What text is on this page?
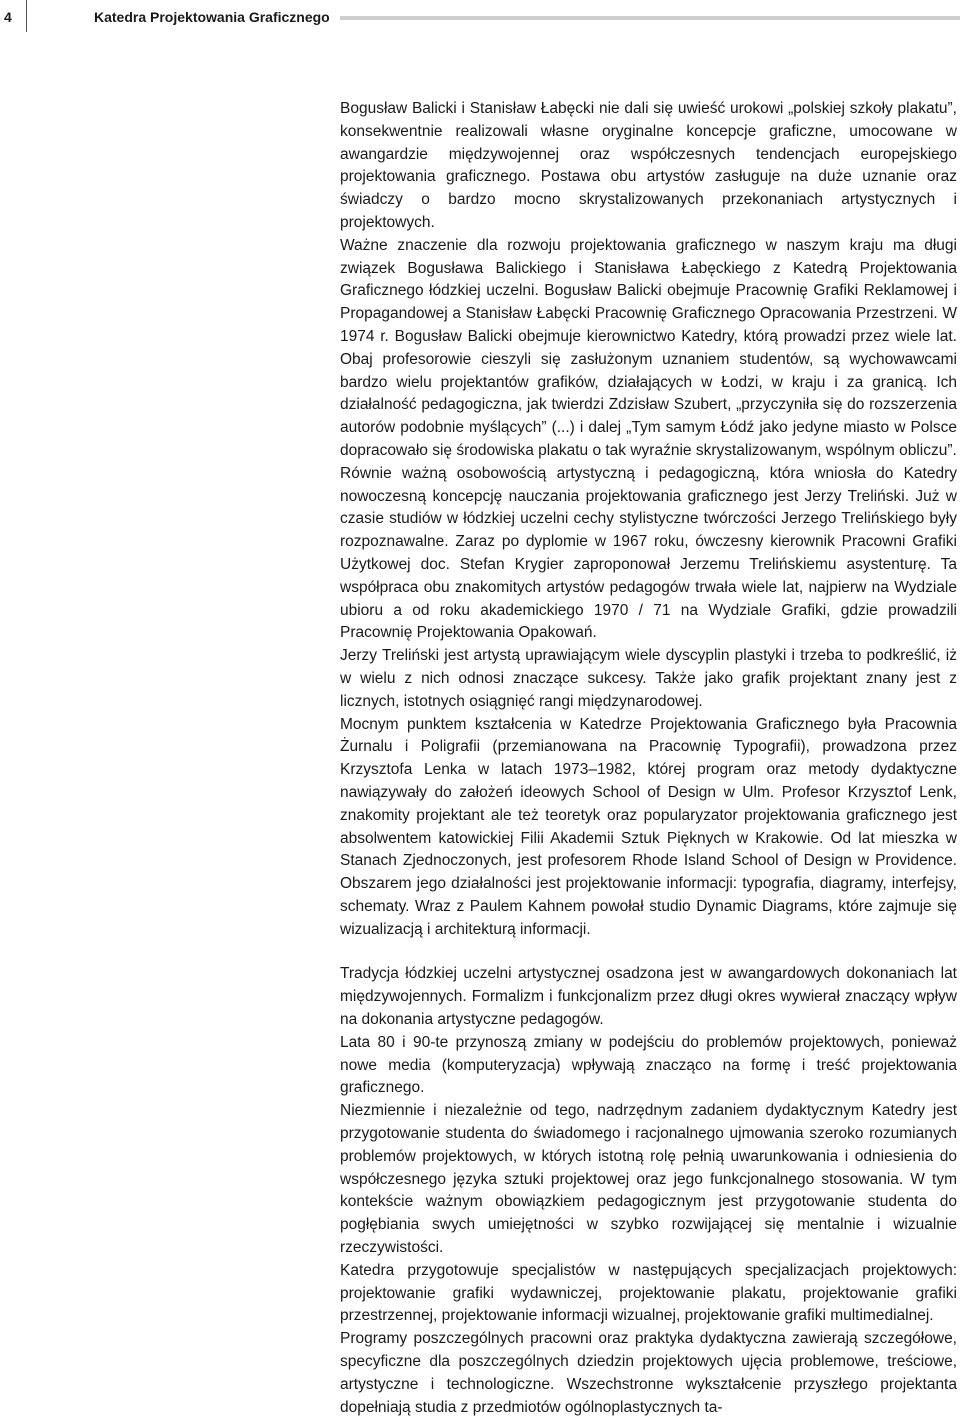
4	Katedra Projektowania Graficznego

Bogusław Balicki i Stanisław Łabęcki nie dali się uwieść urokowi „polskiej szkoły plakatu”, konsekwentnie realizowali własne oryginalne koncepcje graficzne, umocowane w awangardzie międzywojennej oraz współczesnych tendencjach europejskiego projektowania graficznego. Postawa obu artystów zasługuje na duże uznanie oraz świadczy o bardzo mocno skrystalizowanych przekonaniach artystycznych i projektowych.

Ważne znaczenie dla rozwoju projektowania graficznego w naszym kraju ma długi związek Bogusława Balickiego i Stanisława Łabęckiego z Katedrą Projektowania Graficznego łódzkiej uczelni. Bogusław Balicki obejmuje Pracownię Grafiki Reklamowej i Propagandowej a Stanisław Łabęcki Pracownię Graficznego Opracowania Przestrzeni. W 1974 r. Bogusław Balicki obejmuje kierownictwo Katedry, którą prowadzi przez wiele lat. Obaj profesorowie cieszyli się zasłużonym uznaniem studentów, są wychowawcami bardzo wielu projektantów grafików, działających w Łodzi, w kraju i za granicą. Ich działalność pedagogiczna, jak twierdzi Zdzisław Szubert, „przyczyniła się do rozszerzenia autorów podobnie myślących” (...) i dalej „Tym samym Łódź jako jedyne miasto w Polsce dopracowało się środowiska plakatu o tak wyraźnie skrystalizowanym, wspólnym obliczu”.

Równie ważną osobowością artystyczną i pedagogiczną, która wniosła do Katedry nowoczesną koncepcję nauczania projektowania graficznego jest Jerzy Treliński. Już w czasie studiów w łódzkiej uczelni cechy stylistyczne twórczości Jerzego Trelińskiego były rozpoznawalne. Zaraz po dyplomie w 1967 roku, ówczesny kierownik Pracowni Grafiki Użytkowej doc. Stefan Krygier zaproponował Jerzemu Trelińskiemu asystenturę. Ta współpraca obu znakomitych artystów pedagogów trwała wiele lat, najpierw na Wydziale ubioru a od roku akademickiego 1970 / 71 na Wydziale Grafiki, gdzie prowadzili Pracownię Projektowania Opakowań.

Jerzy Treliński jest artystą uprawiającym wiele dyscyplin plastyki i trzeba to podkreślić, iż w wielu z nich odnosi znaczące sukcesy. Także jako grafik projektant znany jest z licznych, istotnych osiągnięć rangi międzynarodowej.

Mocnym punktem kształcenia w Katedrze Projektowania Graficznego była Pracownia Żurnalu i Poligrafii (przemianowana na Pracownię Typografii), prowadzona przez Krzysztofa Lenka w latach 1973–1982, której program oraz metody dydaktyczne nawiązywały do założeń ideowych School of Design w Ulm. Profesor Krzysztof Lenk, znakomity projektant ale też teoretyk oraz popularyzator projektowania graficznego jest absolwentem katowickiej Filii Akademii Sztuk Pięknych w Krakowie. Od lat mieszka w Stanach Zjednoczonych, jest profesorem Rhode Island School of Design w Providence. Obszarem jego działalności jest projektowanie informacji: typografia, diagramy, interfejsy, schematy. Wraz z Paulem Kahnem powołał studio Dynamic Diagrams, które zajmuje się wizualizacją i architekturą informacji.

Tradycja łódzkiej uczelni artystycznej osadzona jest w awangardowych dokonaniach lat międzywojennych. Formalizm i funkcjonalizm przez długi okres wywierał znaczący wpływ na dokonania artystyczne pedagogów.

Lata 80 i 90-te przynoszą zmiany w podejściu do problemów projektowych, ponieważ nowe media (komputeryzacja) wpływają znacząco na formę i treść projektowania graficznego.

Niezmiennie i niezależnie od tego, nadrzędnym zadaniem dydaktycznym Katedry jest przygotowanie studenta do świadomego i racjonalnego ujmowania szeroko rozumianych problemów projektowych, w których istotną rolę pełnią uwarunkowania i odniesienia do współczesnego języka sztuki projektowej oraz jego funkcjonalnego stosowania. W tym kontekście ważnym obowiązkiem pedagogicznym jest przygotowanie studenta do pogłębiania swych umiejętności w szybko rozwijającej się mentalnie i wizualnie rzeczywistości.

Katedra przygotowuje specjalistów w następujących specjalizacjach projektowych: projektowanie grafiki wydawniczej, projektowanie plakatu, projektowanie grafiki przestrzennej, projektowanie informacji wizualnej, projektowanie grafiki multimedialnej.

Programy poszczególnych pracowni oraz praktyka dydaktyczna zawierają szczegółowe, specyficzne dla poszczególnych dziedzin projektowych ujęcia problemowe, treściowe, artystyczne i technologiczne. Wszechstronne wykształcenie przyszłego projektanta dopełniają studia z przedmiotów ogólnoplastycznych ta-
